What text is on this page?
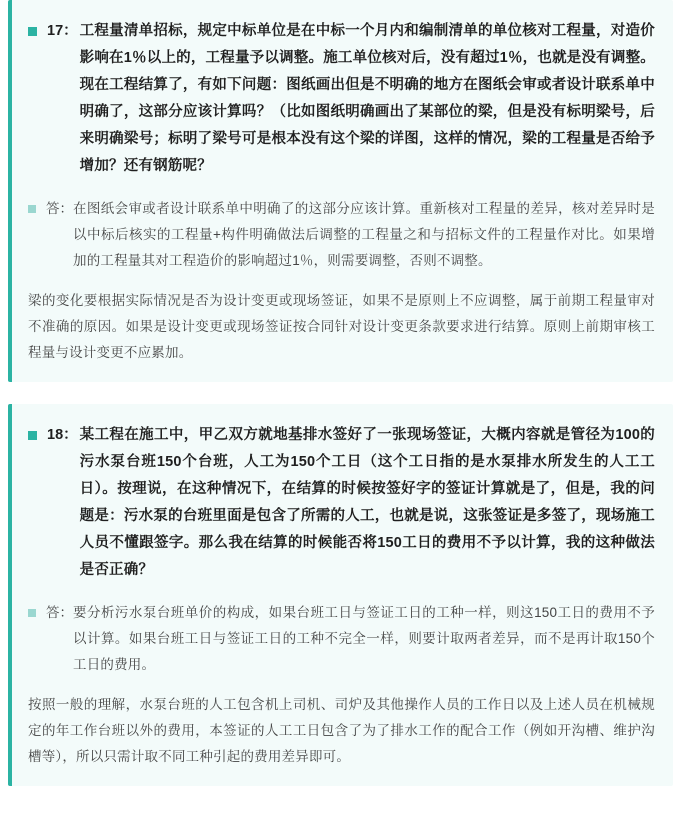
17： 工程量清单招标，规定中标单位是在中标一个月内和编制清单的单位核对工程量，对造价影响在1％以上的，工程量予以调整。施工单位核对后，没有超过1％，也就是没有调整。现在工程结算了，有如下问题：图纸画出但是不明确的地方在图纸会审或者设计联系单中明确了，这部分应该计算吗？（比如图纸明确画出了某部位的梁，但是没有标明梁号，后来明确梁号；标明了梁号可是根本没有这个梁的详图，这样的情况，梁的工程量是否给予增加？还有钢筋呢？
答： 在图纸会审或者设计联系单中明确了的这部分应该计算。重新核对工程量的差异，核对差异时是以中标后核实的工程量+构件明确做法后调整的工程量之和与招标文件的工程量作对比。如果增加的工程量其对工程造价的影响超过1％，则需要调整，否则不调整。
梁的变化要根据实际情况是否为设计变更或现场签证，如果不是原则上不应调整，属于前期工程量审对不准确的原因。如果是设计变更或现场签证按合同针对设计变更条款要求进行结算。原则上前期审核工程量与设计变更不应累加。
18： 某工程在施工中，甲乙双方就地基排水签好了一张现场签证，大概内容就是管径为100的污水泵台班150个台班，人工为150个工日（这个工日指的是水泵排水所发生的人工工日）。按理说，在这种情况下，在结算的时候按签好字的签证计算就是了，但是，我的问题是：污水泵的台班里面是包含了所需的人工，也就是说，这张签证是多签了，现场施工人员不懂跟签字。那么我在结算的时候能否将150工日的费用不予以计算，我的这种做法是否正确？
答： 要分析污水泵台班单价的构成，如果台班工日与签证工日的工种一样，则这150工日的费用不予以计算。如果台班工日与签证工日的工种不完全一样，则要计取两者差异，而不是再计取150个工日的费用。
按照一般的理解，水泵台班的人工包含机上司机、司炉及其他操作人员的工作日以及上述人员在机械规定的年工作台班以外的费用，本签证的人工工日包含了为了排水工作的配合工作（例如开沟槽、维护沟槽等），所以只需计取不同工种引起的费用差异即可。
